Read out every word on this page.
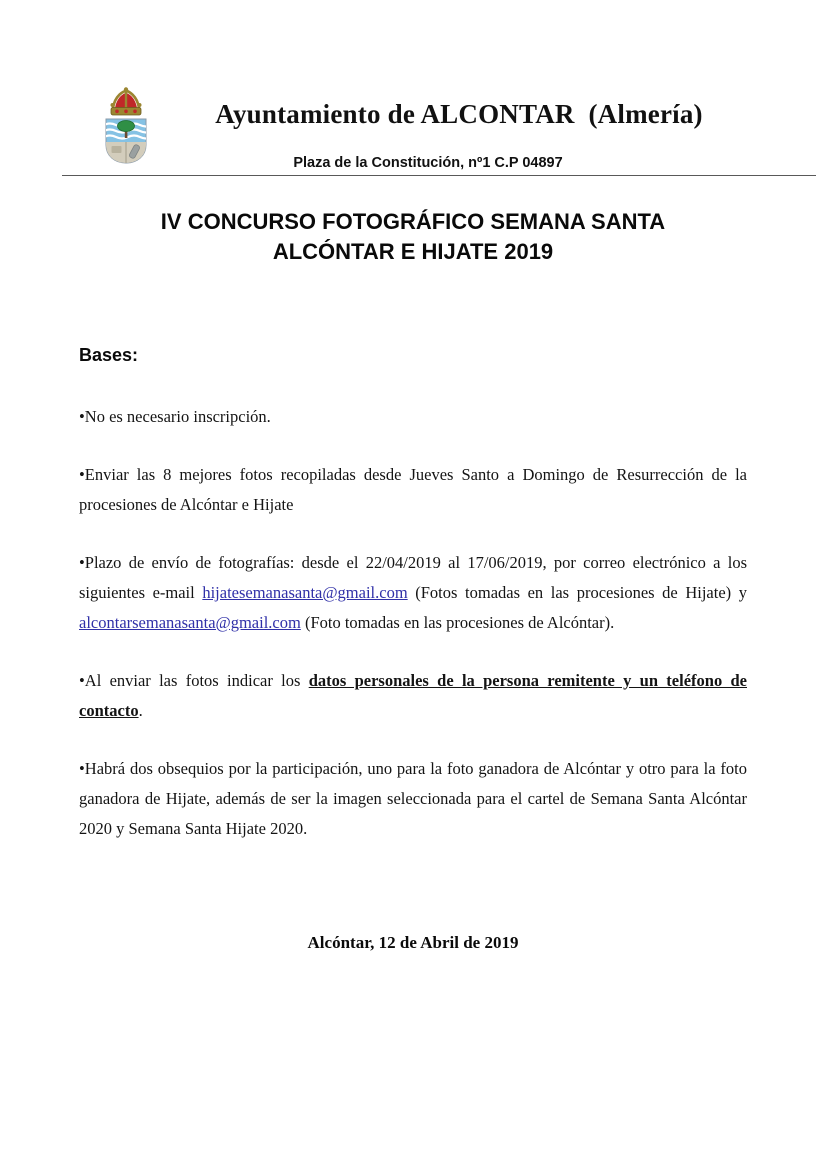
Ayuntamiento de ALCONTAR  (Almería)
Plaza de la Constitución, nº1 C.P 04897
IV CONCURSO FOTOGRÁFICO SEMANA SANTA
ALCÓNTAR E HIJATE 2019

Bases:

•No es necesario inscripción.

•Enviar las 8 mejores fotos recopiladas desde Jueves Santo a Domingo de Resurrección de la procesiones de Alcóntar e Hijate

•Plazo de envío de fotografías: desde el 22/04/2019 al 17/06/2019, por correo electrónico a los siguientes e-mail hijatesemanasanta@gmail.com (Fotos tomadas en las procesiones de Hijate) y alcontarsemanasanta@gmail.com (Foto tomadas en las procesiones de Alcóntar).

•Al enviar las fotos indicar los datos personales de la persona remitente y un teléfono de contacto.

•Habrá dos obsequios por la participación, uno para la foto ganadora de Alcóntar y otro para la foto ganadora de Hijate, además de ser la imagen seleccionada para el cartel de Semana Santa Alcóntar 2020 y Semana Santa Hijate 2020.

Alcóntar, 12 de Abril de 2019
